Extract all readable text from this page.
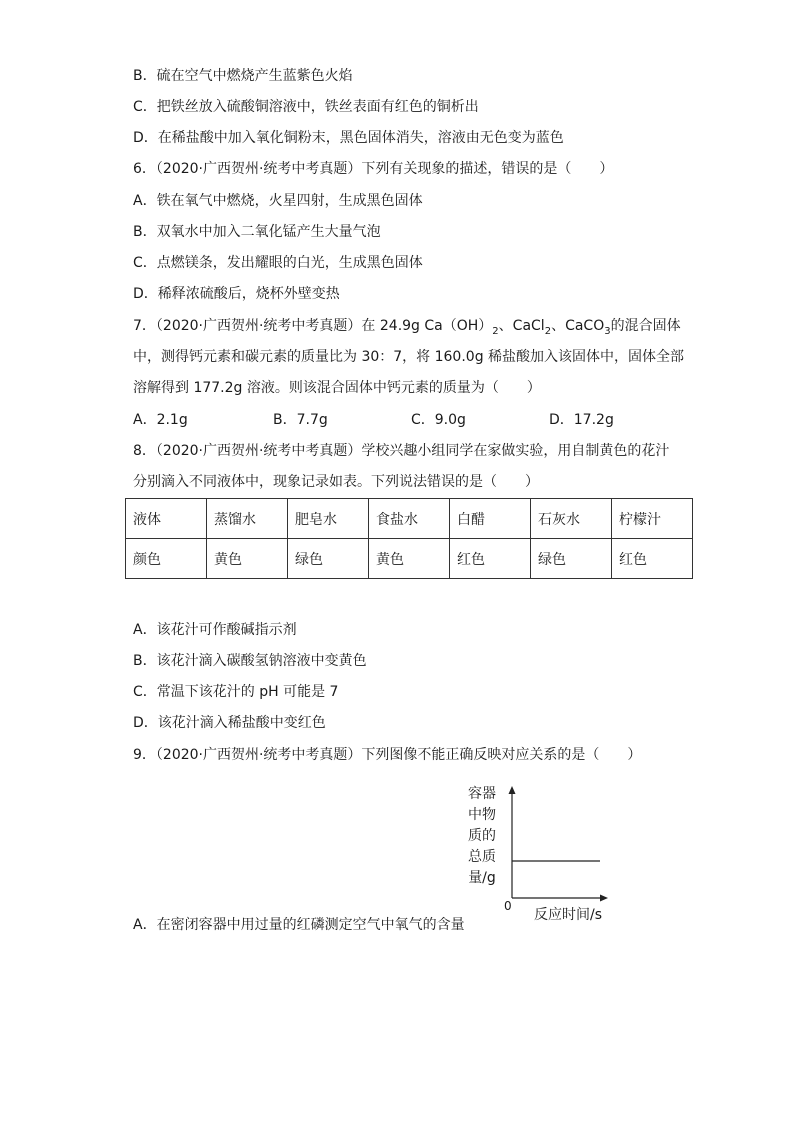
B．硫在空气中燃烧产生蓝紫色火焰
C．把铁丝放入硫酸铜溶液中，铁丝表面有红色的铜析出
D．在稀盐酸中加入氧化铜粉末，黑色固体消失，溶液由无色变为蓝色
6．（2020·广西贺州·统考中考真题）下列有关现象的描述，错误的是（　　）
A．铁在氧气中燃烧，火星四射，生成黑色固体
B．双氧水中加入二氧化锰产生大量气泡
C．点燃镁条，发出耀眼的白光，生成黑色固体
D．稀释浓硫酸后，烧杯外壁变热
7．（2020·广西贺州·统考中考真题）在 24.9g $Ca(OH)_2$、CaCl$_2$、CaCO$_3$的混合固体
中，测得钙元素和碳元素的质量比为 30：7，将 160.0g 稀盐酸加入该固体中，固体全部
溶解得到 177.2g 溶液。则该混合固体中钙元素的质量为（　　）
A．2.1g	B．7.7g	C．9.0g	D．17.2g
8．（2020·广西贺州·统考中考真题）学校兴趣小组同学在家做实验，用自制黄色的花汁
分别滴入不同液体中，现象记录如表。下列说法错误的是（　　）
液体	蒸馏水	肥皂水	食盐水	白醋	石灰水	柠檬汁
颜色	黄色	绿色	黄色	红色	绿色	红色
A．该花汁可作酸碱指示剂
B．该花汁滴入碳酸氢钠溶液中变黄色
C．常温下该花汁的 pH 可能是 7
D．该花汁滴入稀盐酸中变红色
9．（2020·广西贺州·统考中考真题）下列图像不能正确反映对应关系的是（　　）
容器
中物
质的
总质
量/g
0
反应时间/s
A．在密闭容器中用过量的红磷测定空气中氧气的含量
